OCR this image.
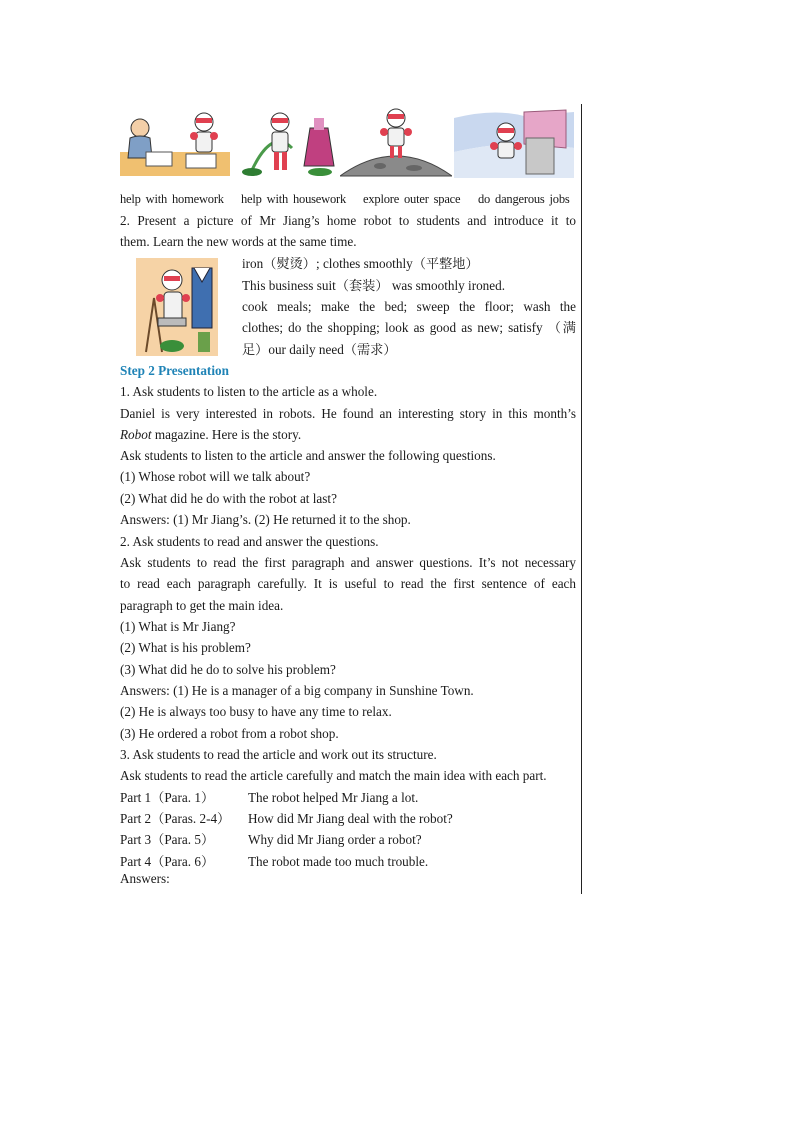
help with homework help with housework explore outer space do dangerous jobs
2. Present a picture of Mr Jiang’s home robot to students and introduce it to
them. Learn the new words at the same time.
iron（熨烫）; clothes smoothly（平整地）
This business suit（套装） was smoothly ironed.
cook meals; make the bed; sweep the floor; wash the
clothes; do the shopping; look as good as new; satisfy （满
足）our daily need（需求）
Step 2 Presentation
1. Ask students to listen to the article as a whole.
Daniel is very interested in robots. He found an interesting story in this month’s
Robot magazine. Here is the story.
Ask students to listen to the article and answer the following questions.
(1) Whose robot will we talk about?
(2) What did he do with the robot at last?
Answers: (1) Mr Jiang’s. (2) He returned it to the shop.
2. Ask students to read and answer the questions.
Ask students to read the first paragraph and answer questions. It’s not necessary
to read each paragraph carefully. It is useful to read the first sentence of each
paragraph to get the main idea.
(1) What is Mr Jiang?
(2) What is his problem?
(3) What did he do to solve his problem?
Answers: (1) He is a manager of a big company in Sunshine Town.
(2) He is always too busy to have any time to relax.
(3) He ordered a robot from a robot shop.
3. Ask students to read the article and work out its structure.
Ask students to read the article carefully and match the main idea with each part.
Part 1（Para. 1）	The robot helped Mr Jiang a lot.
Part 2（Paras. 2-4） How did Mr Jiang deal with the robot?
Part 3（Para. 5）	Why did Mr Jiang order a robot?
Part 4（Para. 6）	The robot made too much trouble.
Answers:
